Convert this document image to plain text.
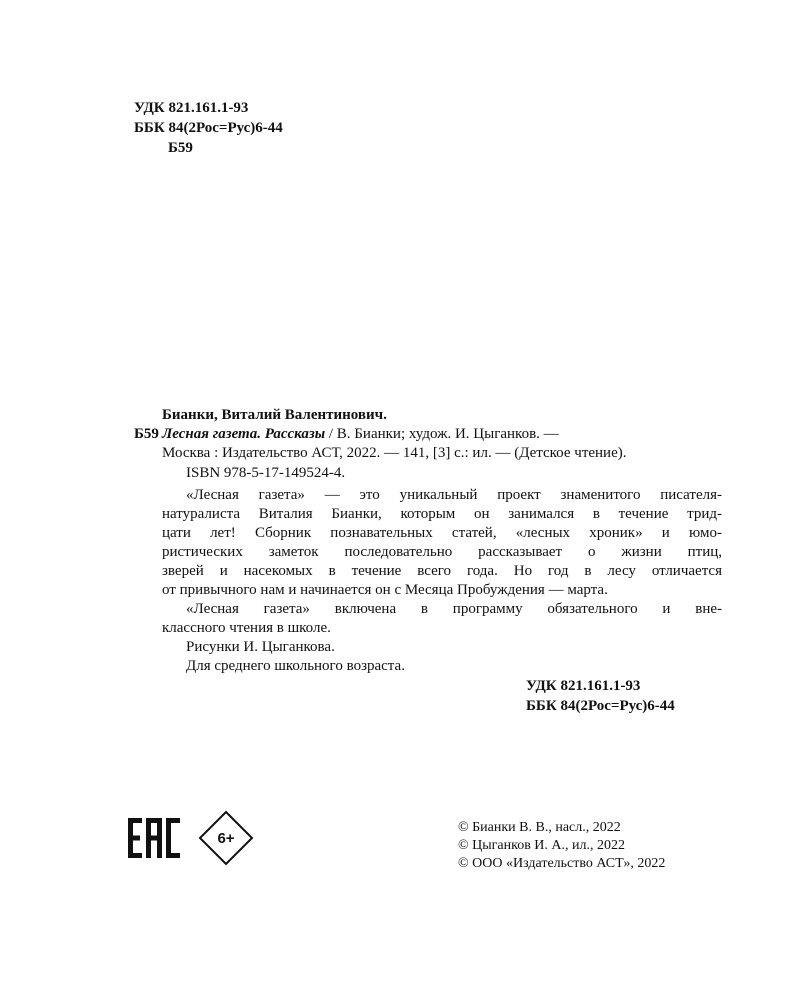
УДК 821.161.1-93
ББК 84(2Рос=Рус)6-44
Б59
Бианки, Виталий Валентинович.
Б59 Лесная газета. Рассказы / В. Бианки; худож. И. Цыганков. —
Москва : Издательство АСТ, 2022. — 141, [3] с.: ил. — (Детское чтение).
ISBN 978-5-17-149524-4.
«Лесная газета» — это уникальный проект знаменитого писателя-
натуралиста Виталия Бианки, которым он занимался в течение трид-
цати лет! Сборник познавательных статей, «лесных хроник» и юмо-
ристических заметок последовательно рассказывает о жизни птиц,
зверей и насекомых в течение всего года. Но год в лесу отличается
от привычного нам и начинается он с Месяца Пробуждения — марта.
«Лесная газета» включена в программу обязательного и вне-
классного чтения в школе.
Рисунки И. Цыганкова.
Для среднего школьного возраста.
УДК 821.161.1-93
ББК 84(2Рос=Рус)6-44
6+
© Бианки В. В., насл., 2022
© Цыганков И. А., ил., 2022
© ООО «Издательство АСТ», 2022
